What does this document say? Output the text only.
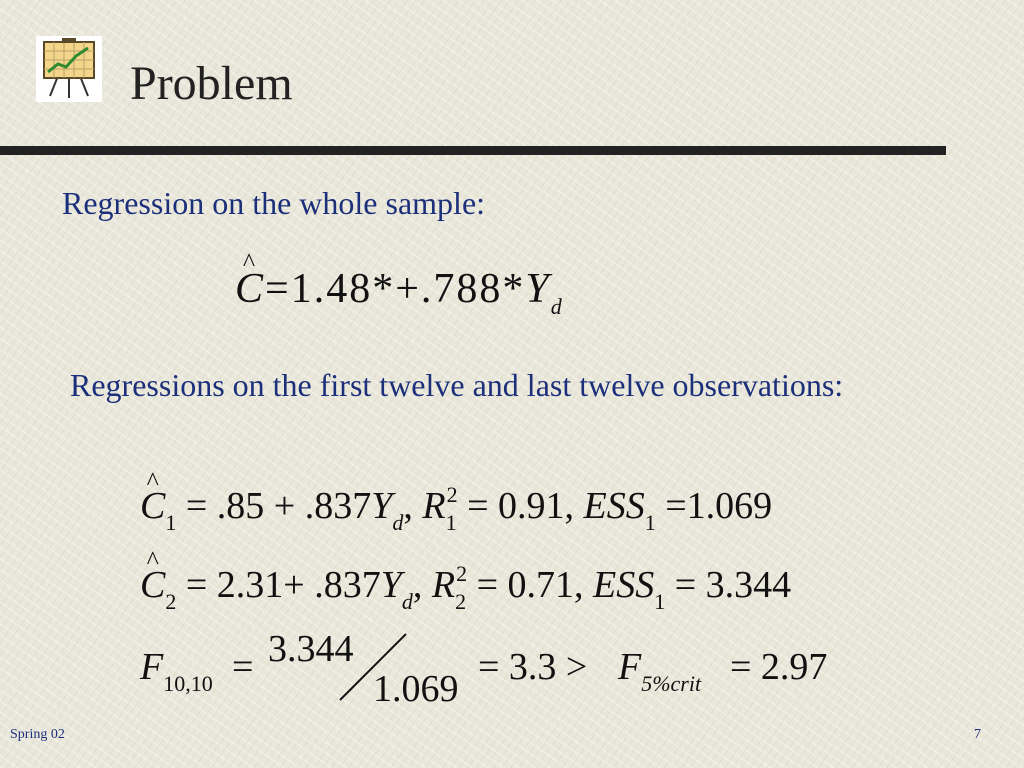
Problem
Regression on the whole sample:
^ $C=1.48*+.788*Y_d$
Regressions on the first twelve and last twelve observations:
^ $C_1 = .85 + .837Y_d$, $R_1^2 = 0.91$, $ESS_1 =1.069$
^ $C_2 = 2.31+ .837Y_d$, $R_2^2 = 0.71$, $ESS_1 = 3.344$
$F_{10,10} = 3.344$
1.069
= $3.3 > F_{5\%crit} = 2.97$
Spring 02	7
